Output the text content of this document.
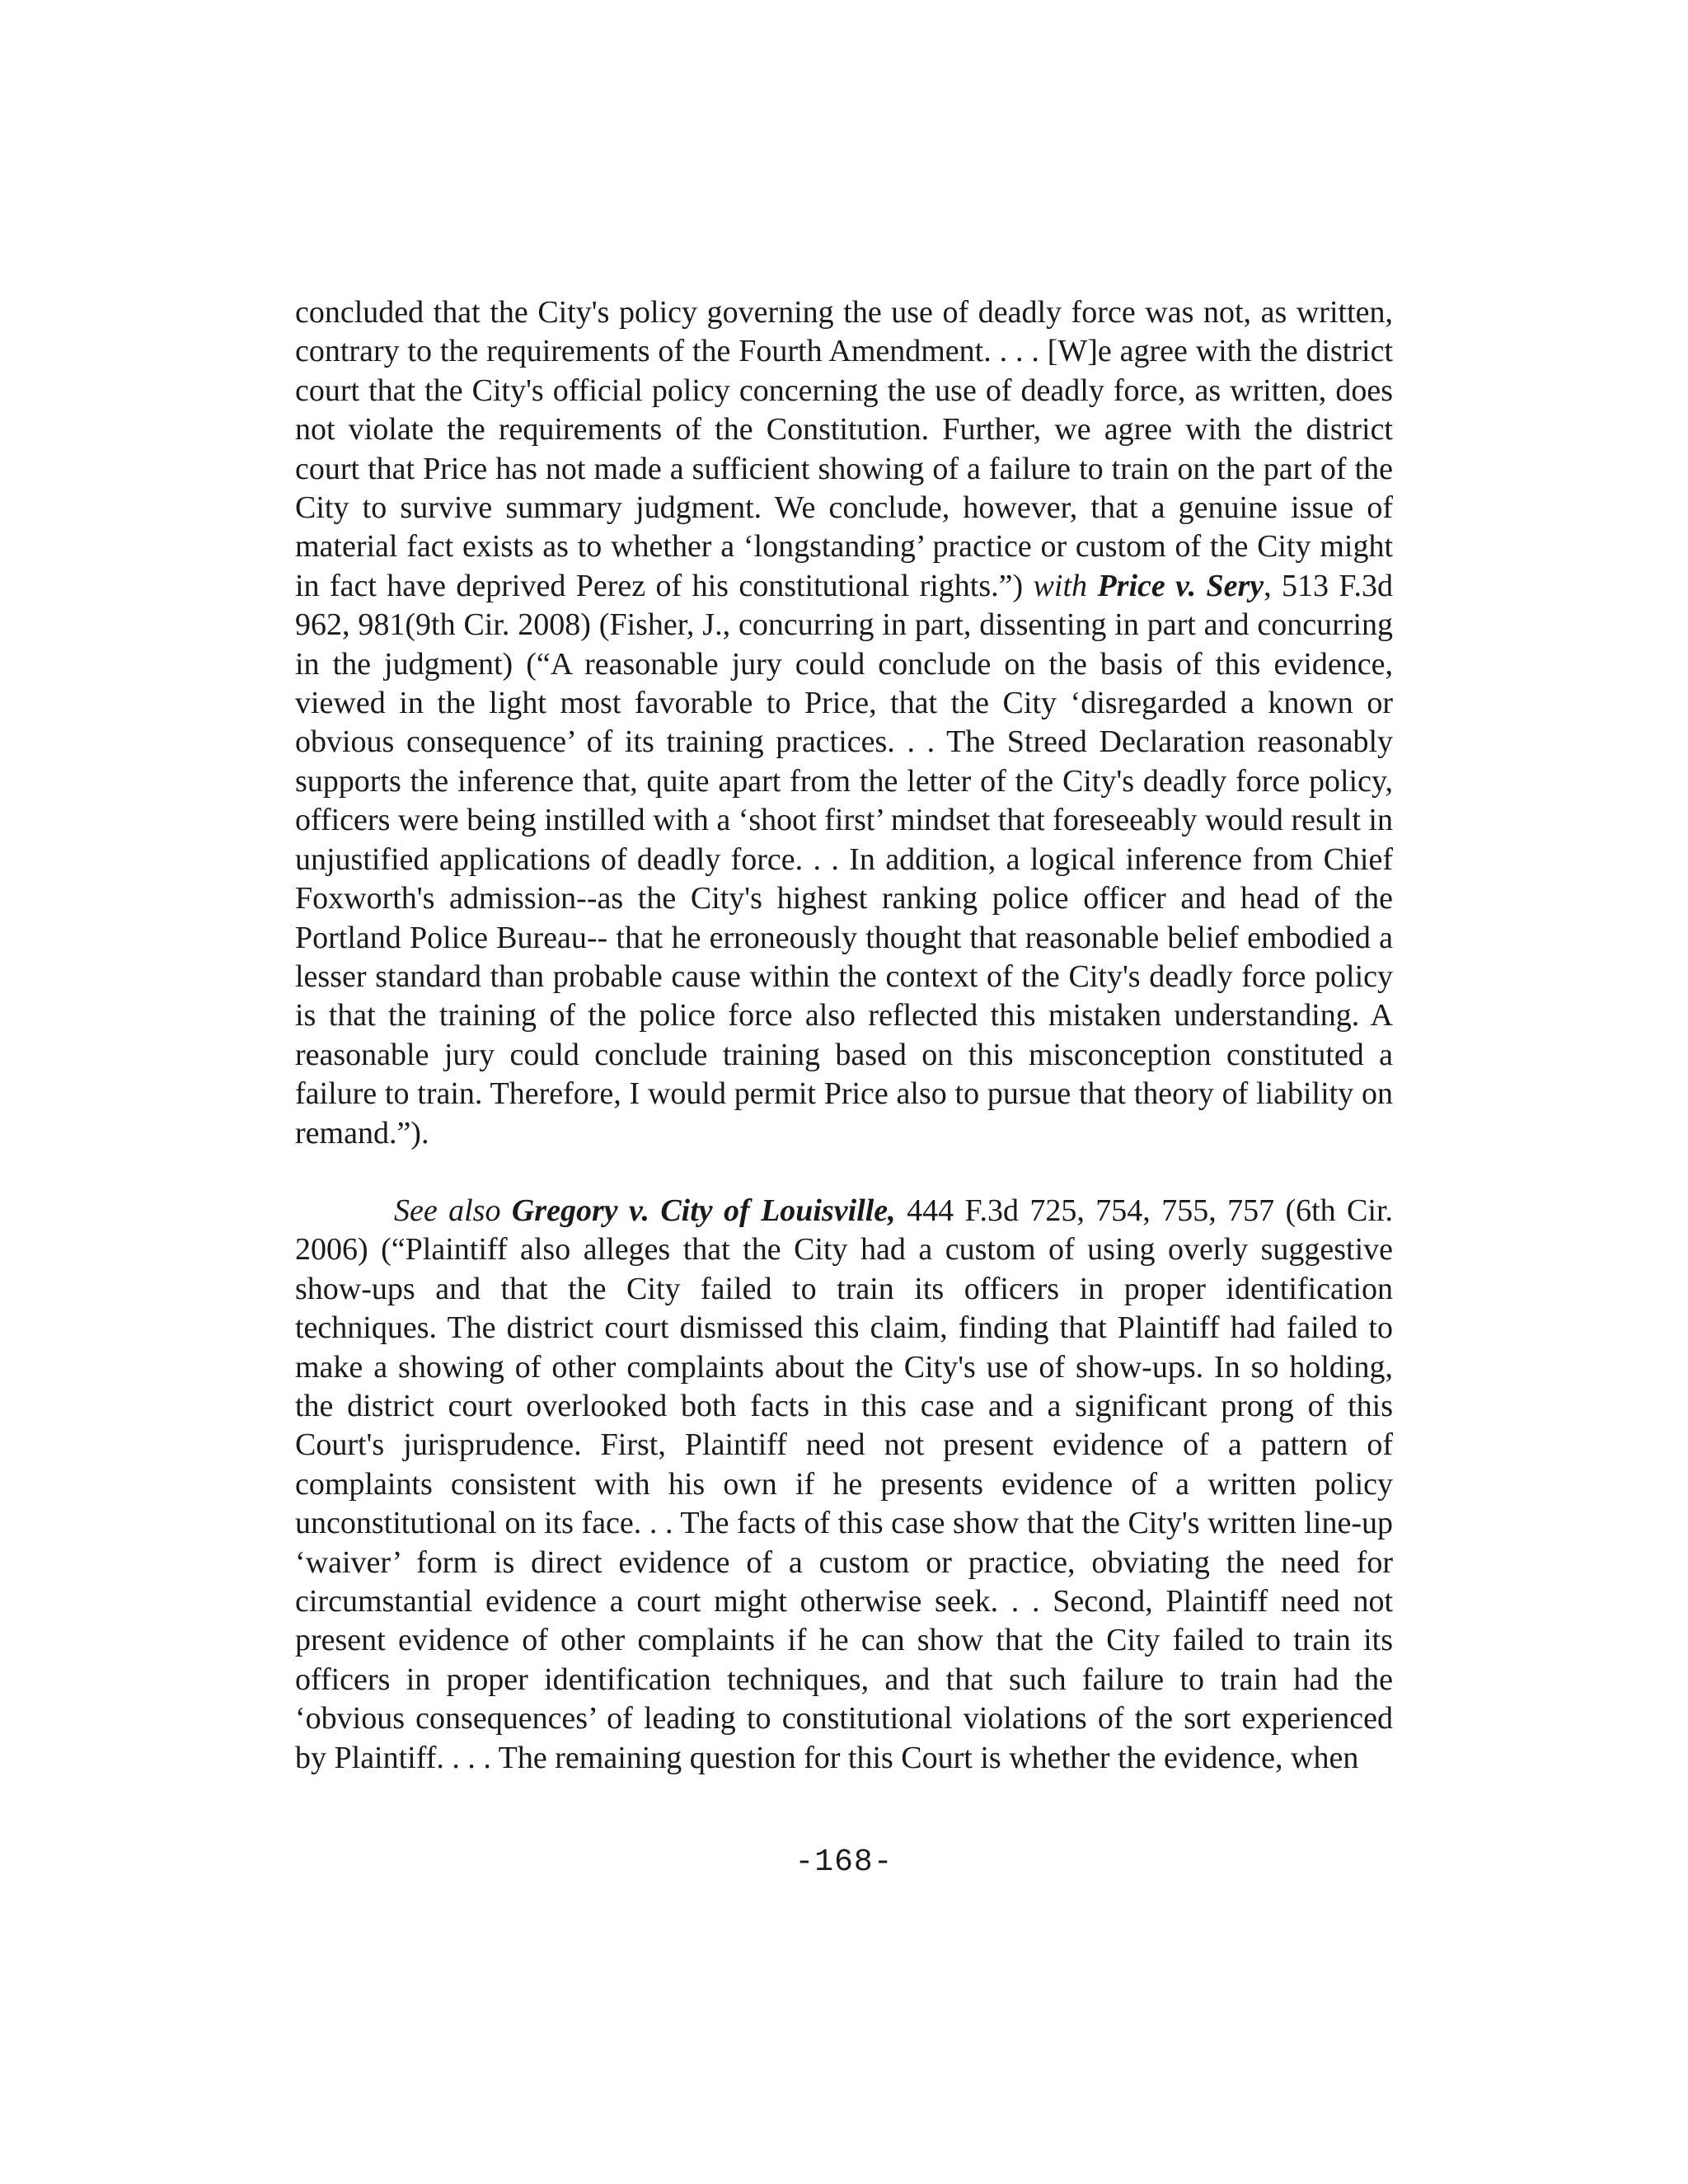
concluded that the City's policy governing the use of deadly force was not, as written, contrary to the requirements of the Fourth Amendment. . . . [W]e agree with the district court that the City's official policy concerning the use of deadly force, as written, does not violate the requirements of the Constitution. Further, we agree with the district court that Price has not made a sufficient showing of a failure to train on the part of the City to survive summary judgment. We conclude, however, that a genuine issue of material fact exists as to whether a ‘longstanding’ practice or custom of the City might in fact have deprived Perez of his constitutional rights.”) with Price v. Sery, 513 F.3d 962, 981(9th Cir. 2008) (Fisher, J., concurring in part, dissenting in part and concurring in the judgment) (“A reasonable jury could conclude on the basis of this evidence, viewed in the light most favorable to Price, that the City ‘disregarded a known or obvious consequence’ of its training practices. . . The Streed Declaration reasonably supports the inference that, quite apart from the letter of the City's deadly force policy, officers were being instilled with a ‘shoot first’ mindset that foreseeably would result in unjustified applications of deadly force. . . In addition, a logical inference from Chief Foxworth's admission--as the City's highest ranking police officer and head of the Portland Police Bureau-- that he erroneously thought that reasonable belief embodied a lesser standard than probable cause within the context of the City's deadly force policy is that the training of the police force also reflected this mistaken understanding. A reasonable jury could conclude training based on this misconception constituted a failure to train. Therefore, I would permit Price also to pursue that theory of liability on remand.”).

See also Gregory v. City of Louisville, 444 F.3d 725, 754, 755, 757 (6th Cir. 2006) (“Plaintiff also alleges that the City had a custom of using overly suggestive show-ups and that the City failed to train its officers in proper identification techniques. The district court dismissed this claim, finding that Plaintiff had failed to make a showing of other complaints about the City's use of show-ups. In so holding, the district court overlooked both facts in this case and a significant prong of this Court's jurisprudence. First, Plaintiff need not present evidence of a pattern of complaints consistent with his own if he presents evidence of a written policy unconstitutional on its face. . . The facts of this case show that the City's written line-up ‘waiver’ form is direct evidence of a custom or practice, obviating the need for circumstantial evidence a court might otherwise seek. . . Second, Plaintiff need not present evidence of other complaints if he can show that the City failed to train its officers in proper identification techniques, and that such failure to train had the ‘obvious consequences’ of leading to constitutional violations of the sort experienced by Plaintiff. . . . The remaining question for this Court is whether the evidence, when

-168-
